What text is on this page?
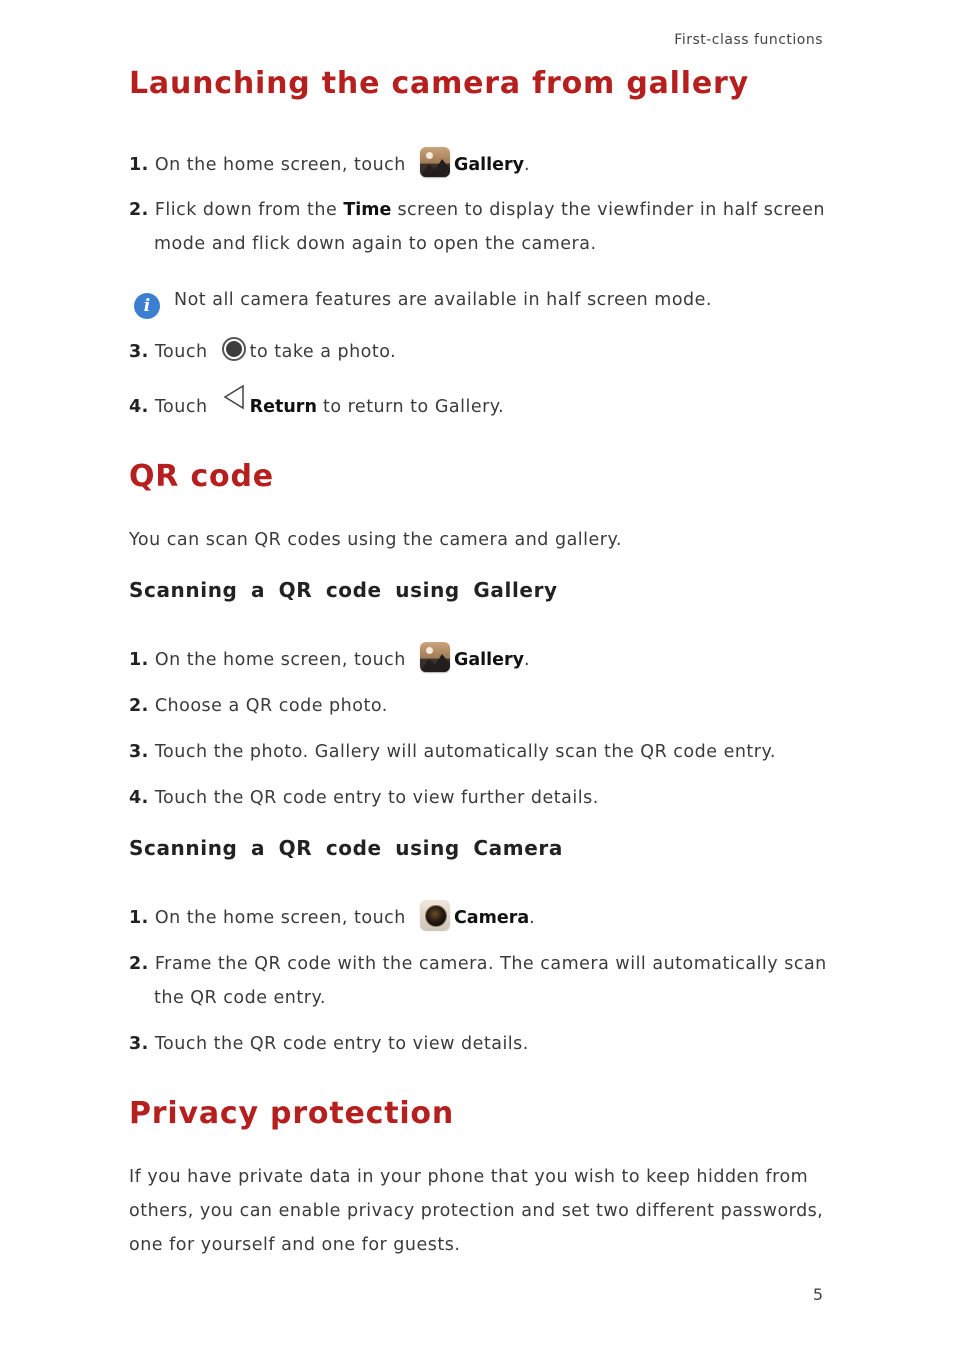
First-class functions
Launching the camera from gallery
1. On the home screen, touch	Gallery.
2. Flick down from the Time screen to display the viewfinder in half screen
mode and flick down again to open the camera.
i	Not all camera features are available in half screen mode.
3. Touch to take a photo.
4. Touch Return to return to Gallery.
QR code
You can scan QR codes using the camera and gallery.
Scanning a QR code using Gallery
1. On the home screen, touch	Gallery.
2. Choose a QR code photo.
3. Touch the photo. Gallery will automatically scan the QR code entry.
4. Touch the QR code entry to view further details.
Scanning a QR code using Camera
1. On the home screen, touch	Camera.
2. Frame the QR code with the camera. The camera will automatically scan
the QR code entry.
3. Touch the QR code entry to view details.
Privacy protection
If you have private data in your phone that you wish to keep hidden from
others, you can enable privacy protection and set two different passwords,
one for yourself and one for guests.
5
